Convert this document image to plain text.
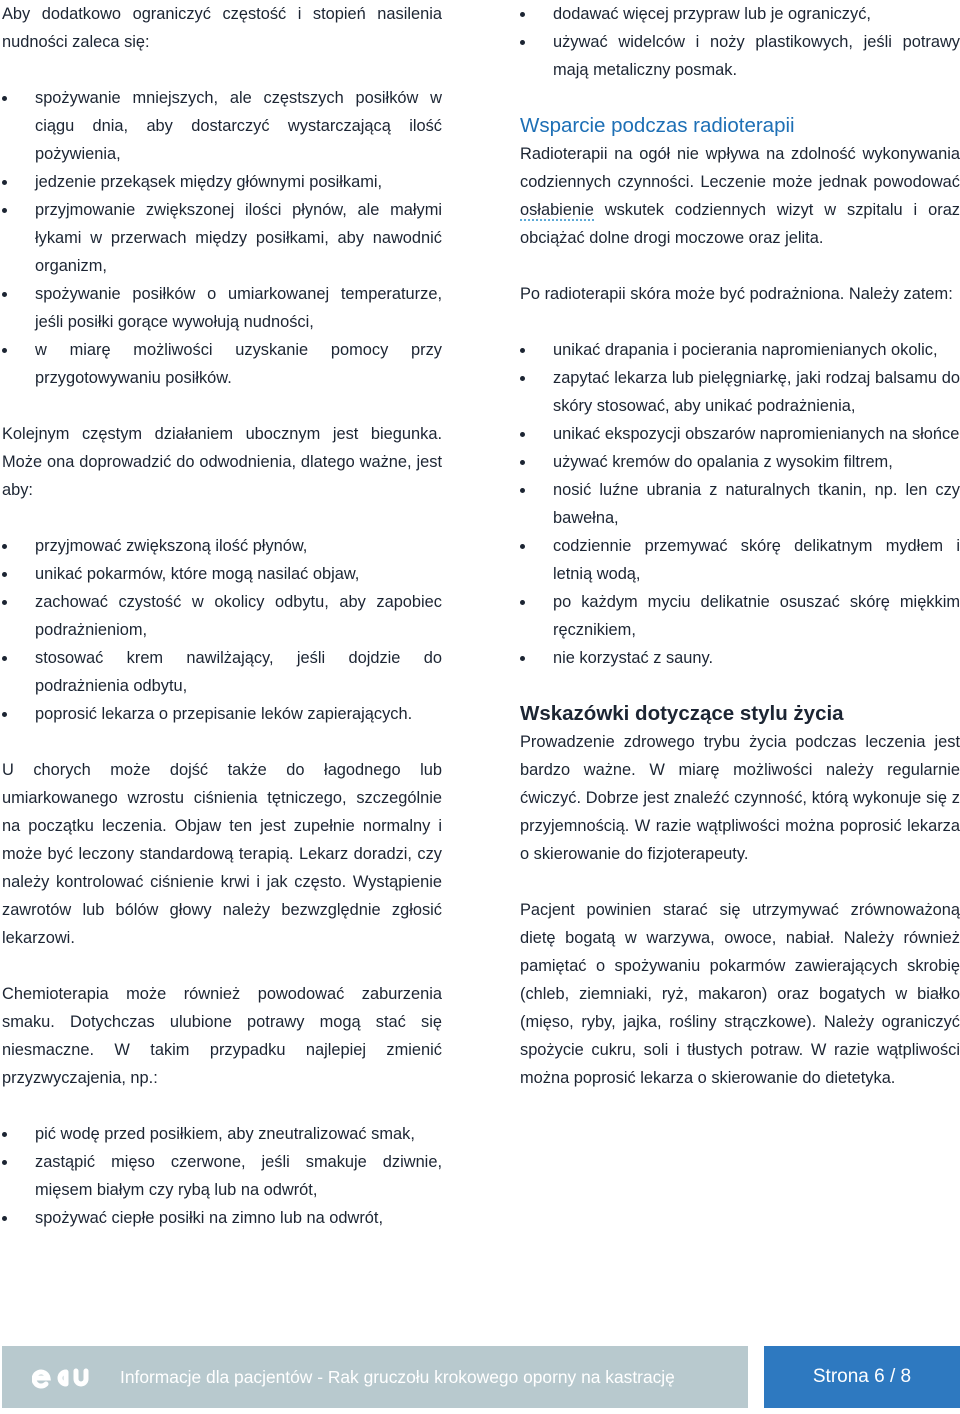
Aby dodatkowo ograniczyć częstość i stopień nasilenia nudności zaleca się:

spożywanie mniejszych, ale częstszych posiłków w ciągu dnia, aby dostarczyć wystarczającą ilość pożywienia,
jedzenie przekąsek między głównymi posiłkami,
przyjmowanie zwiększonej ilości płynów, ale małymi łykami w przerwach między posiłkami, aby nawodnić organizm,
spożywanie posiłków o umiarkowanej temperaturze, jeśli posiłki gorące wywołują nudności,
w miarę możliwości uzyskanie pomocy przy przygotowywaniu posiłków.

Kolejnym częstym działaniem ubocznym jest biegunka. Może ona doprowadzić do odwodnienia, dlatego ważne, jest aby:

przyjmować zwiększoną ilość płynów,
unikać pokarmów, które mogą nasilać objaw,
zachować czystość w okolicy odbytu, aby zapobiec podrażnieniom,
stosować krem nawilżający, jeśli dojdzie do podrażnienia odbytu,
poprosić lekarza o przepisanie leków zapierających.

U chorych może dojść także do łagodnego lub umiarkowanego wzrostu ciśnienia tętniczego, szczególnie na początku leczenia. Objaw ten jest zupełnie normalny i może być leczony standardową terapią. Lekarz doradzi, czy należy kontrolować ciśnienie krwi i jak często. Wystąpienie zawrotów lub bólów głowy należy bezwzględnie zgłosić lekarzowi.

Chemioterapia może również powodować zaburzenia smaku. Dotychczas ulubione potrawy mogą stać się niesmaczne. W takim przypadku najlepiej zmienić przyzwyczajenia, np.:

pić wodę przed posiłkiem, aby zneutralizować smak,
zastąpić mięso czerwone, jeśli smakuje dziwnie, mięsem białym czy rybą lub na odwrót,
spożywać ciepłe posiłki na zimno lub na odwrót,
dodawać więcej przypraw lub je ograniczyć,
używać widelców i noży plastikowych, jeśli potrawy mają metaliczny posmak.
Wsparcie podczas radioterapii

Radioterapii na ogół nie wpływa na zdolność wykonywania codziennych czynności. Leczenie może jednak powodować osłabienie wskutek codziennych wizyt w szpitalu i oraz obciążać dolne drogi moczowe oraz jelita.

Po radioterapii skóra może być podrażniona. Należy zatem:

unikać drapania i pocierania napromienianych okolic,
zapytać lekarza lub pielęgniarkę, jaki rodzaj balsamu do skóry stosować, aby unikać podrażnienia,
unikać ekspozycji obszarów napromienianych na słońce
używać kremów do opalania z wysokim filtrem,
nosić luźne ubrania z naturalnych tkanin, np. len czy bawełna,
codziennie przemywać skórę delikatnym mydłem i letnią wodą,
po każdym myciu delikatnie osuszać skórę miękkim ręcznikiem,
nie korzystać z sauny.
Wskazówki dotyczące stylu życia

Prowadzenie zdrowego trybu życia podczas leczenia jest bardzo ważne. W miarę możliwości należy regularnie ćwiczyć. Dobrze jest znaleźć czynność, którą wykonuje się z przyjemnością. W razie wątpliwości można poprosić lekarza o skierowanie do fizjoterapeuty.

Pacjent powinien starać się utrzymywać zrównoważoną dietę bogatą w warzywa, owoce, nabiał. Należy również pamiętać o spożywaniu pokarmów zawierających skrobię (chleb, ziemniaki, ryż, makaron) oraz bogatych w białko (mięso, ryby, jajka, rośliny strączkowe). Należy ograniczyć spożycie cukru, soli i tłustych potraw. W razie wątpliwości można poprosić lekarza o skierowanie do dietetyka.

Informacje dla pacjentów - Rak gruczołu krokowego oporny na kastrację	Strona 6 / 8
